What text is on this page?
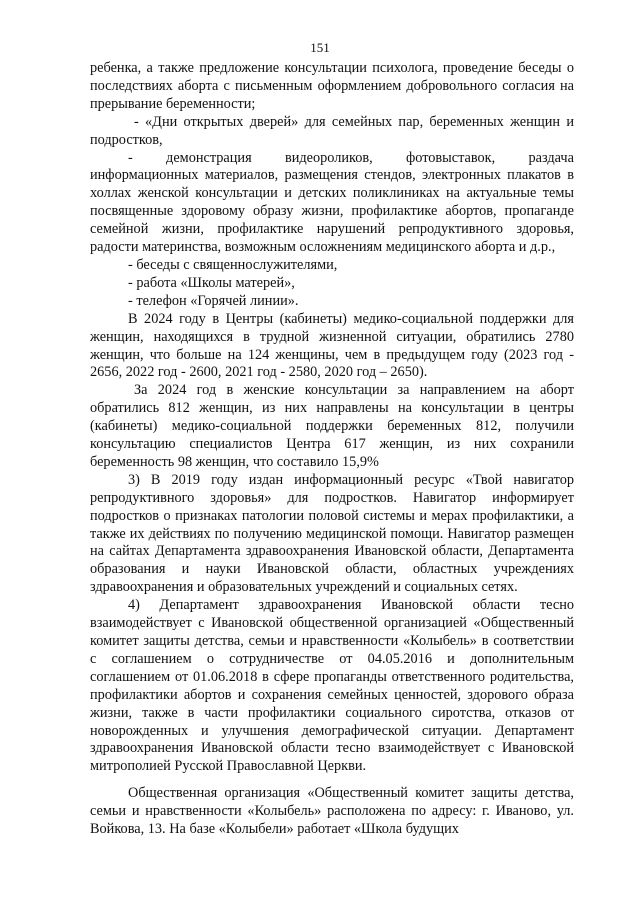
151

ребенка, а также предложение консультации психолога, проведение беседы о последствиях аборта с письменным оформлением добровольного согласия на прерывание беременности;

- «Дни открытых дверей» для семейных пар, беременных женщин и подростков,

- демонстрация видеороликов, фотовыставок, раздача

информационных материалов, размещения стендов, электронных плакатов в холлах женской консультации и детских поликлиниках на актуальные темы посвященные здоровому образу жизни, профилактике абортов, пропаганде семейной жизни, профилактике нарушений репродуктивного здоровья, радости материнства, возможным осложнениям медицинского аборта и д.р.,

- беседы с священнослужителями,

- работа «Школы матерей»,

- телефон «Горячей линии».

В 2024 году в Центры (кабинеты) медико-социальной поддержки для женщин, находящихся в трудной жизненной ситуации, обратились 2780 женщин, что больше на 124 женщины, чем в предыдущем году (2023 год - 2656, 2022 год - 2600, 2021 год - 2580, 2020 год – 2650).

За 2024 год в женские консультации за направлением на аборт обратились 812 женщин, из них направлены на консультации в центры (кабинеты) медико-социальной поддержки беременных 812, получили консультацию специалистов Центра 617 женщин, из них сохранили беременность 98 женщин, что составило 15,9%

3) В 2019 году издан информационный ресурс «Твой навигатор репродуктивного здоровья» для подростков. Навигатор информирует подростков о признаках патологии половой системы и мерах профилактики, а также их действиях по получению медицинской помощи. Навигатор размещен на сайтах Департамента здравоохранения Ивановской области, Департамента образования и науки Ивановской области, областных учреждениях здравоохранения и образовательных учреждений и социальных сетях.

4) Департамент здравоохранения Ивановской области тесно взаимодействует с Ивановской общественной организацией «Общественный комитет защиты детства, семьи и нравственности «Колыбель» в соответствии с соглашением о сотрудничестве от 04.05.2016 и дополнительным соглашением от 01.06.2018 в сфере пропаганды ответственного родительства, профилактики абортов и сохранения семейных ценностей, здорового образа жизни, также в части профилактики социального сиротства, отказов от новорожденных и улучшения демографической ситуации. Департамент здравоохранения Ивановской области тесно взаимодействует с Ивановской митрополией Русской Православной Церкви.

Общественная организация «Общественный комитет защиты детства, семьи и нравственности «Колыбель» расположена по адресу: г. Иваново, ул. Войкова, 13. На базе «Колыбели» работает «Школа будущих
